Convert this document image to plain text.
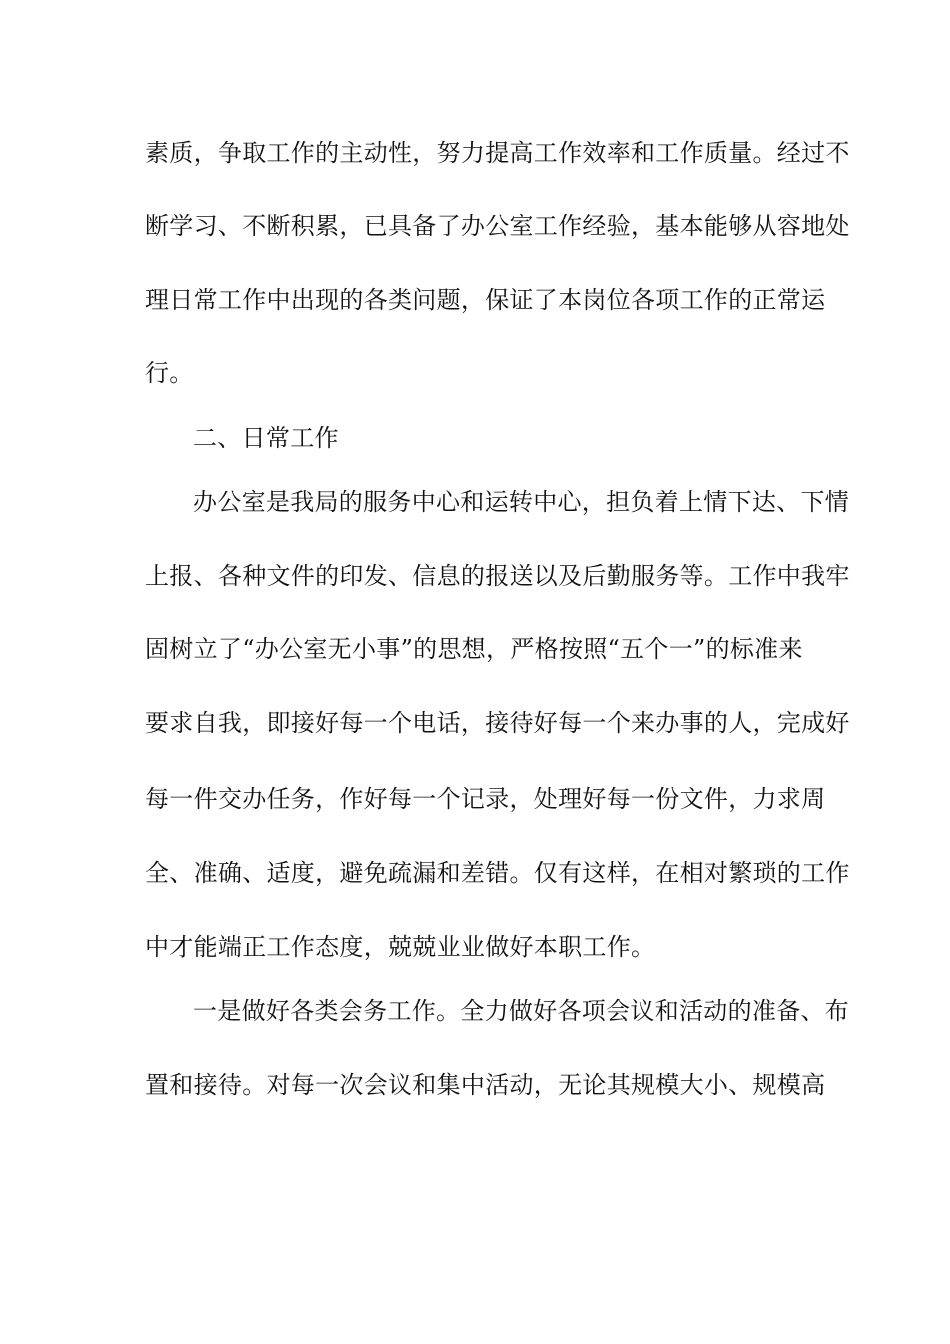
素质，争取工作的主动性，努力提高工作效率和工作质量。经过不
断学习、不断积累，已具备了办公室工作经验，基本能够从容地处
理日常工作中出现的各类问题，保证了本岗位各项工作的正常运
行。
二、日常工作
办公室是我局的服务中心和运转中心，担负着上情下达、下情
上报、各种文件的印发、信息的报送以及后勤服务等。工作中我牢
固树立了“办公室无小事”的思想，严格按照“五个一”的标准来
要求自我，即接好每一个电话，接待好每一个来办事的人，完成好
每一件交办任务，作好每一个记录，处理好每一份文件，力求周
全、准确、适度，避免疏漏和差错。仅有这样，在相对繁琐的工作
中才能端正工作态度，兢兢业业做好本职工作。
一是做好各类会务工作。全力做好各项会议和活动的准备、布
置和接待。对每一次会议和集中活动，无论其规模大小、规模高
